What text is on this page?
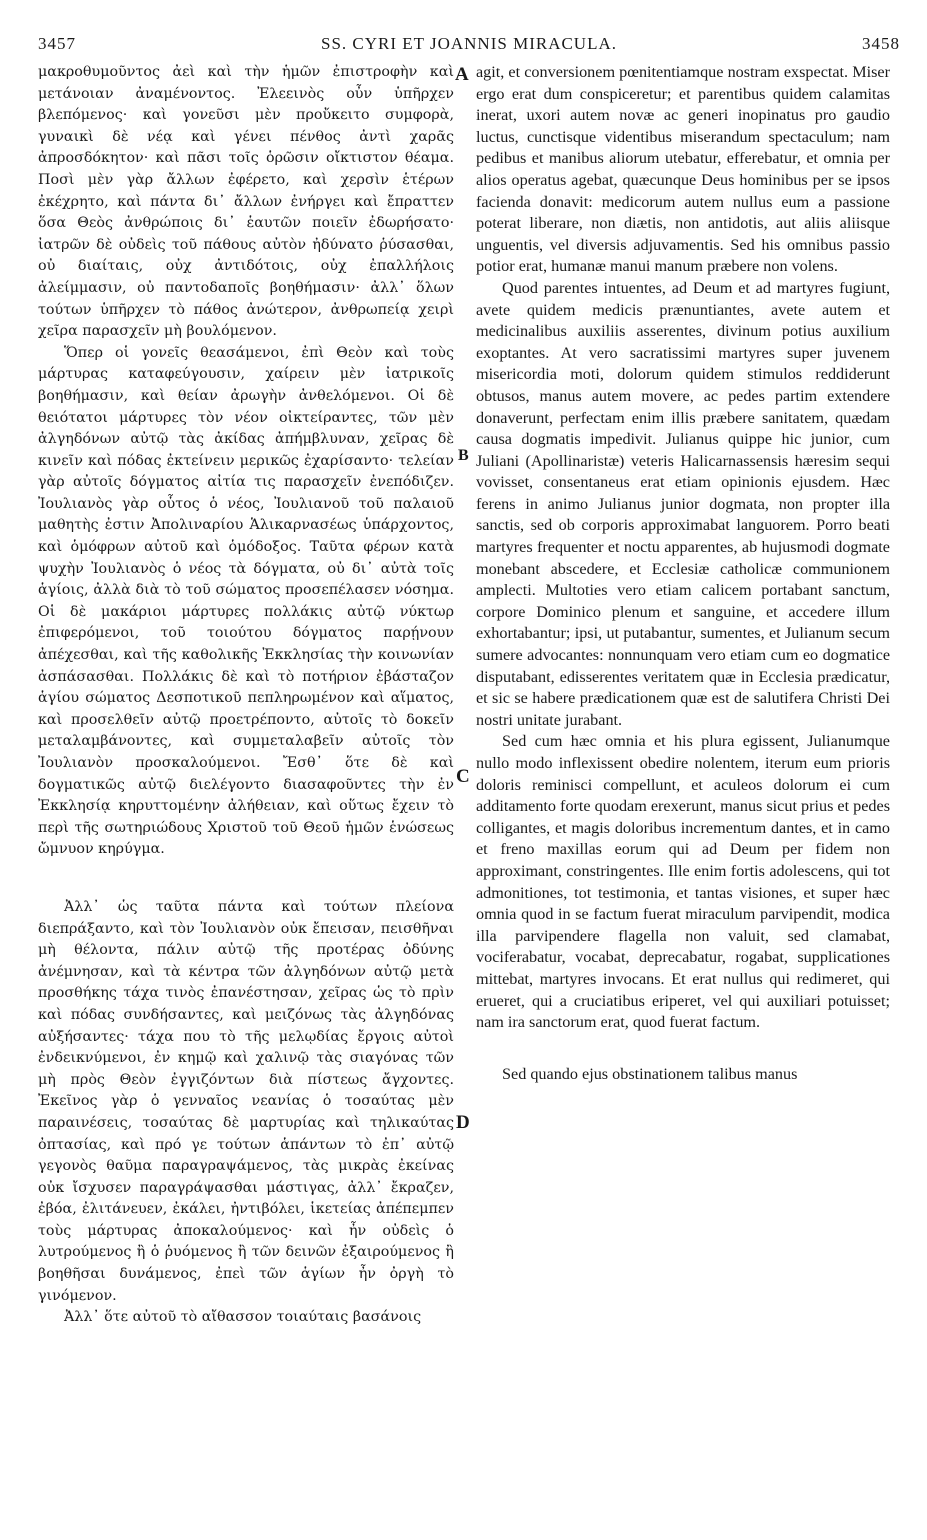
3457	SS. CYRI ET JOANNIS MIRACULA.	3458

μακροθυμοῦντος ἀεὶ καὶ τὴν ἡμῶν ἐπιστροφὴν καὶ μετάνοιαν ἀναμένοντος. Ἐλεεινὸς οὖν ὑπῆρχεν βλεπόμενος· καὶ γονεῦσι μὲν προὔκειτο συμφορὰ, γυναικὶ δὲ νέᾳ καὶ γένει πένθος ἀντὶ χαρᾶς ἀπροσδόκητον· καὶ πᾶσι τοῖς ὁρῶσιν οἴκτιστον θέαμα. Ποσὶ μὲν γὰρ ἄλλων ἐφέρετο, καὶ χερσὶν ἑτέρων ἐκέχρητο, καὶ πάντα δι᾽ ἄλλων ἐνήργει καὶ ἔπραττεν ὅσα Θεὸς ἀνθρώποις δι᾽ ἑαυτῶν ποιεῖν ἐδωρήσατο· ἰατρῶν δὲ οὐδεὶς τοῦ πάθους αὐτὸν ἠδύνατο ῥύσασθαι, οὐ διαίταις, οὐχ ἀντιδότοις, οὐχ ἐπαλλήλοις ἀλείμμασιν, οὐ παντοδαποῖς βοηθήμασιν· ἀλλ᾽ ὅλων τούτων ὑπῆρχεν τὸ πάθος ἀνώτερον, ἀνθρωπείᾳ χειρὶ χεῖρα παρασχεῖν μὴ βουλόμενον.

Ὅπερ οἱ γονεῖς θεασάμενοι, ἐπὶ Θεὸν καὶ τοὺς μάρτυρας καταφεύγουσιν, χαίρειν μὲν ἰατρικοῖς βοηθήμασιν, καὶ θείαν ἀρωγὴν ἀνθελόμενοι. Οἱ δὲ θειότατοι μάρτυρες τὸν νέον οἰκτείραντες, τῶν μὲν ἀλγηδόνων αὐτῷ τὰς ἀκίδας ἀπήμβλυναν, χεῖρας δὲ κινεῖν καὶ πόδας ἐκτείνειν μερικῶς ἐχαρίσαντο· τελείαν γὰρ αὐτοῖς δόγματος αἰτία τις παρασχεῖν ἐνεπόδιζεν. Ἰουλιανὸς γὰρ οὗτος ὁ νέος, Ἰουλιανοῦ τοῦ παλαιοῦ μαθητὴς ἐστιν Ἀπολιναρίου Ἁλικαρνασέως ὑπάρχοντος, καὶ ὁμόφρων αὐτοῦ καὶ ὁμόδοξος. Ταῦτα φέρων κατὰ ψυχὴν Ἰουλιανὸς ὁ νέος τὰ δόγματα, οὐ δι᾽ αὐτὰ τοῖς ἁγίοις, ἀλλὰ διὰ τὸ τοῦ σώματος προσεπέλασεν νόσημα. Οἱ δὲ μακάριοι μάρτυρες πολλάκις αὐτῷ νύκτωρ ἐπιφερόμενοι, τοῦ τοιούτου δόγματος παρῄνουν ἀπέχεσθαι, καὶ τῆς καθολικῆς Ἐκκλησίας τὴν κοινωνίαν ἀσπάσασθαι. Πολλάκις δὲ καὶ τὸ ποτήριον ἐβάσταζον ἁγίου σώματος Δεσποτικοῦ πεπληρωμένον καὶ αἵματος, καὶ προσελθεῖν αὐτῷ προετρέποντο, αὐτοῖς τὸ δοκεῖν μεταλαμβάνοντες, καὶ συμμεταλαβεῖν αὐτοῖς τὸν Ἰουλιανὸν προσκαλούμενοι. Ἔσθ᾽ ὅτε δὲ καὶ δογματικῶς αὐτῷ διελέγοντο διασαφοῦντες τὴν ἐν Ἐκκλησίᾳ κηρυττομένην ἀλήθειαν, καὶ οὕτως ἔχειν τὸ περὶ τῆς σωτηριώδους Χριστοῦ τοῦ Θεοῦ ἡμῶν ἑνώσεως ὤμνυον κηρύγμα.

Ἀλλ᾽ ὡς ταῦτα πάντα καὶ τούτων πλείονα διεπράξαντο, καὶ τὸν Ἰουλιανὸν οὐκ ἔπεισαν, πεισθῆναι μὴ θέλοντα, πάλιν αὐτῷ τῆς προτέρας ὀδύνης ἀνέμνησαν, καὶ τὰ κέντρα τῶν ἀλγηδόνων αὐτῷ μετὰ προσθήκης τάχα τινὸς ἐπανέστησαν, χεῖρας ὡς τὸ πρὶν καὶ πόδας συνδήσαντες, καὶ μειζόνως τὰς ἀλγηδόνας αὐξήσαντες· τάχα που τὸ τῆς μελῳδίας ἔργοις αὐτοὶ ἐνδεικνύμενοι, ἐν κημῷ καὶ χαλινῷ τὰς σιαγόνας τῶν μὴ πρὸς Θεὸν ἐγγιζόντων διὰ πίστεως ἄγχοντες. Ἐκεῖνος γὰρ ὁ γενναῖος νεανίας ὁ τοσαύτας μὲν παραινέσεις, τοσαύτας δὲ μαρτυρίας καὶ τηλικαύτας ὀπτασίας, καὶ πρό γε τούτων ἁπάντων τὸ ἐπ᾽ αὐτῷ γεγονὸς θαῦμα παραγραψάμενος, τὰς μικρὰς ἐκείνας οὐκ ἴσχυσεν παραγράψασθαι μάστιγας, ἀλλ᾽ ἔκραζεν, ἐβόα, ἐλιτάνευεν, ἐκάλει, ἠντιβόλει, ἱκετείας ἀπέπεμπεν τοὺς μάρτυρας ἀποκαλούμενος· καὶ ἦν οὐδεὶς ὁ λυτρούμενος ἢ ὁ ῥυόμενος ἢ τῶν δεινῶν ἐξαιρούμενος ἢ βοηθῆσαι δυνάμενος, ἐπεὶ τῶν ἁγίων ἦν ὀργὴ τὸ γινόμενον.

Ἀλλ᾽ ὅτε αὐτοῦ τὸ αἴθασσον τοιαύταις βασάνοις

A
B
C
D

agit, et conversionem pœnitentiamque nostram exspectat. Miser ergo erat dum conspiceretur; et parentibus quidem calamitas inerat, uxori autem novæ ac generi inopinatus pro gaudio luctus, cunctisque videntibus miserandum spectaculum; nam pedibus et manibus aliorum utebatur, efferebatur, et omnia per alios operatus agebat, quæcunque Deus hominibus per se ipsos facienda donavit: medicorum autem nullus eum a passione poterat liberare, non diætis, non antidotis, aut aliis aliisque unguentis, vel diversis adjuvamentis. Sed his omnibus passio potior erat, humanæ manui manum præbere non volens.

Quod parentes intuentes, ad Deum et ad martyres fugiunt, avete quidem medicis prænuntiantes, avete autem et medicinalibus auxiliis asserentes, divinum potius auxilium exoptantes. At vero sacratissimi martyres super juvenem misericordia moti, dolorum quidem stimulos reddiderunt obtusos, manus autem movere, ac pedes partim extendere donaverunt, perfectam enim illis præbere sanitatem, quædam causa dogmatis impedivit. Julianus quippe hic junior, cum Juliani (Apollinaristæ) veteris Halicarnassensis hæresim sequi vovisset, consentaneus erat etiam opinionis ejusdem. Hæc ferens in animo Julianus junior dogmata, non propter illa sanctis, sed ob corporis approximabat languorem. Porro beati martyres frequenter et noctu apparentes, ab hujusmodi dogmate monebant abscedere, et Ecclesiæ catholicæ communionem amplecti. Multoties vero etiam calicem portabant sanctum, corpore Dominico plenum et sanguine, et accedere illum exhortabantur; ipsi, ut putabantur, sumentes, et Julianum secum sumere advocantes: nonnunquam vero etiam cum eo dogmatice disputabant, edisserentes veritatem quæ in Ecclesia prædicatur, et sic se habere prædicationem quæ est de salutifera Christi Dei nostri unitate jurabant.

Sed cum hæc omnia et his plura egissent, Julianumque nullo modo inflexissent obedire nolentem, iterum eum prioris doloris reminisci compellunt, et aculeos dolorum ei cum additamento forte quodam erexerunt, manus sicut prius et pedes colligantes, et magis doloribus incrementum dantes, et in camo et freno maxillas eorum qui ad Deum per fidem non approximant, constringentes. Ille enim fortis adolescens, qui tot admonitiones, tot testimonia, et tantas visiones, et super hæc omnia quod in se factum fuerat miraculum parvipendit, modica illa parvipendere flagella non valuit, sed clamabat, vociferabatur, vocabat, deprecabatur, rogabat, supplicationes mittebat, martyres invocans. Et erat nullus qui redimeret, qui erueret, qui a cruciatibus eriperet, vel qui auxiliari potuisset; nam ira sanctorum erat, quod fuerat factum.

Sed quando ejus obstinationem talibus manus
